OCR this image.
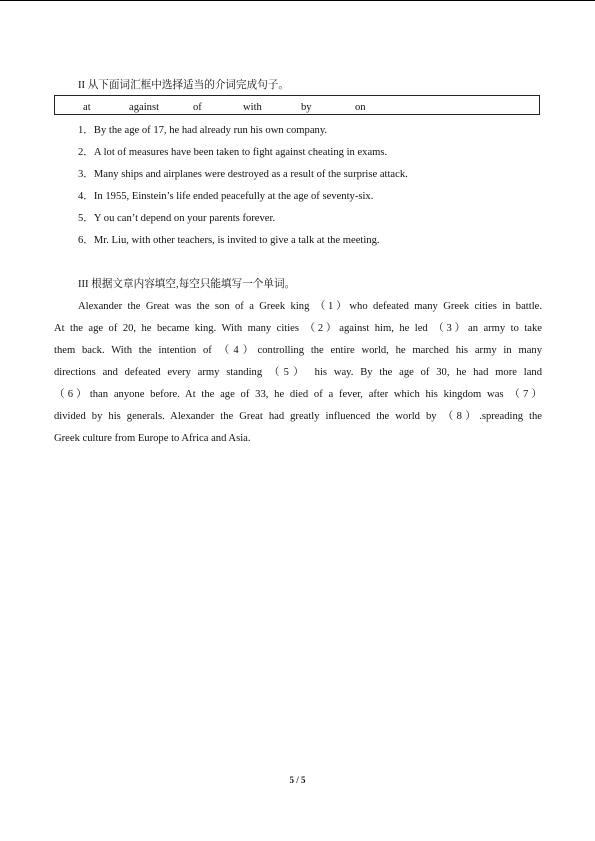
II 从下面词汇框中选择适当的介词完成句子。
at	against	of	with	by	on
1．By the age of 17, he had already run his own company.
2．A lot of measures have been taken to fight against cheating in exams.
3．Many ships and airplanes were destroyed as a result of the surprise attack.
4．In 1955, Einstein’s life ended peacefully at the age of seventy-six.
5．Y ou can’t depend on your parents forever.
6．Mr. Liu, with other teachers, is invited to give a talk at the meeting.
III 根据文章内容填空,每空只能填写一个单词。
Alexander the Great was the son of a Greek king （1）who defeated many Greek cities in battle.
At the age of 20, he became king. With many cities （2）against him, he led （3）an army to take
them back. With the intention of （4）controlling the entire world, he marched his army in many
directions and defeated every army standing （5） his way. By the age of 30, he had more land
（6）than anyone before. At the age of 33, he died of a fever, after which his kingdom was （7）
divided by his generals. Alexander the Great had greatly influenced the world by （8）.spreading the
Greek culture from Europe to Africa and Asia.
5 / 5
